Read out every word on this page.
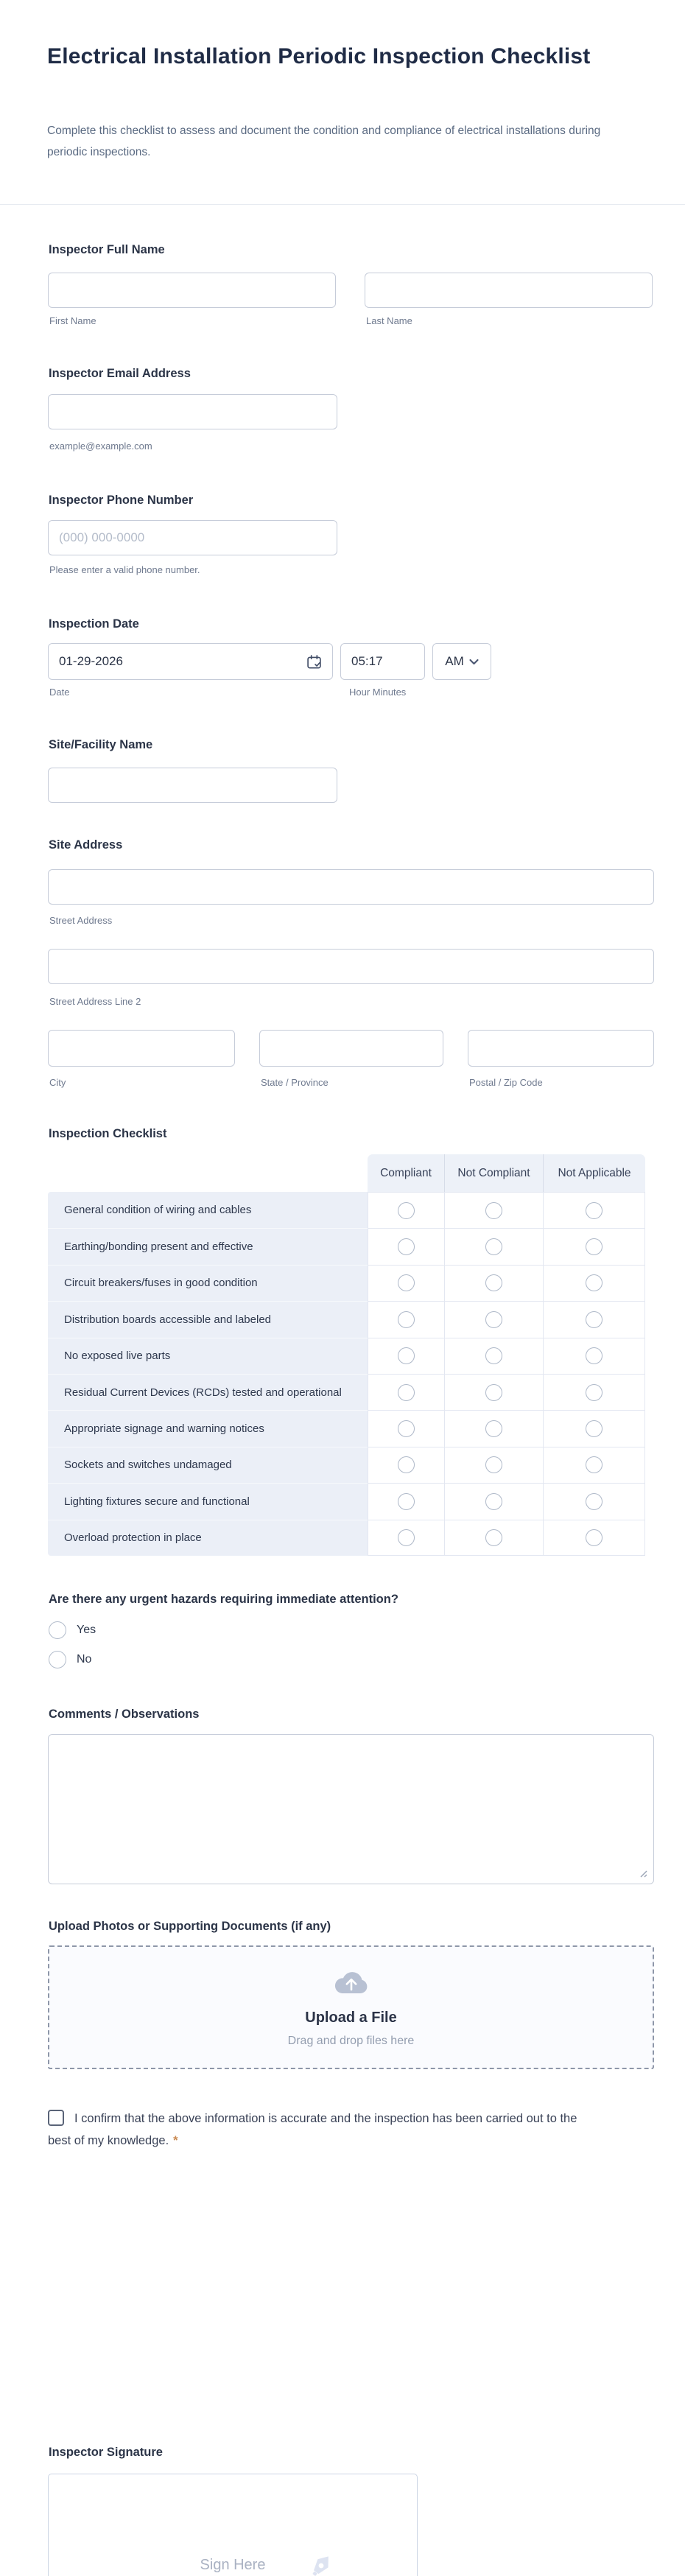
Electrical Installation Periodic Inspection Checklist

Complete this checklist to assess and document the condition and compliance of electrical installations during periodic inspections.

Inspector Full Name
First Name	Last Name
Inspector Email Address
example@example.com
Inspector Phone Number
(000) 000-0000
Please enter a valid phone number.
Inspection Date
01-29-2026
05:17
AM
Date	Hour Minutes
Site/Facility Name
Site Address
Street Address
Street Address Line 2
City	State / Province	Postal / Zip Code
Inspection Checklist
Compliant	Not Compliant	Not Applicable
General condition of wiring and cables
Earthing/bonding present and effective
Circuit breakers/fuses in good condition
Distribution boards accessible and labeled
No exposed live parts
Residual Current Devices (RCDs) tested and operational
Appropriate signage and warning notices
Sockets and switches undamaged
Lighting fixtures secure and functional
Overload protection in place
Are there any urgent hazards requiring immediate attention?
Yes
No
Comments / Observations
Upload Photos or Supporting Documents (if any)
Upload a File
Drag and drop files here
I confirm that the above information is accurate and the inspection has been carried out to the best of my knowledge. *
Inspector Signature
Sign Here
